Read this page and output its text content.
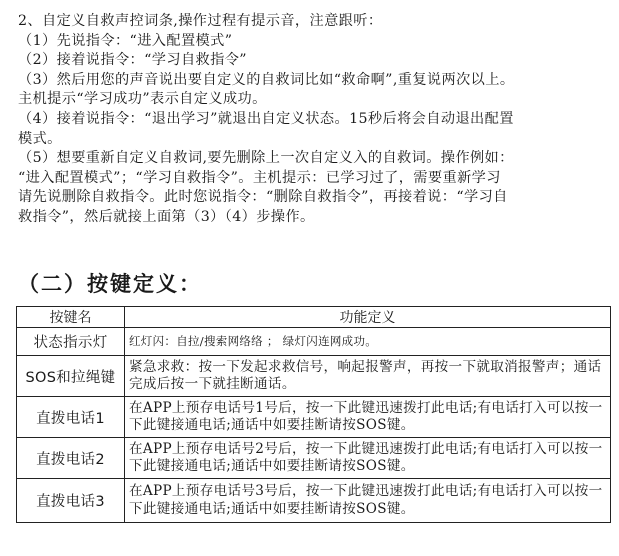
2、自定义自救声控词条,操作过程有提示音，注意跟听：

（1）先说指令：“进入配置模式”

（2）接着说指令：“学习自救指令”

（3）然后用您的声音说出要自定义的自救词比如“救命啊”,重复说两次以上。

主机提示“学习成功”表示自定义成功。

（4）接着说指令：“退出学习”就退出自定义状态。15秒后将会自动退出配置

模式。

（5）想要重新自定义自救词,要先删除上一次自定义入的自救词。操作例如：

“进入配置模式”；“学习自救指令”。主机提示：已学习过了，需要重新学习

请先说删除自救指令。此时您说指令：“删除自救指令”，再接着说：“学习自

救指令”，然后就接上面第（3）（4）步操作。

（二）按键定义：
按键名	功能定义
状态指示灯	红灯闪：自拉/搜索网络络 ； 绿灯闪连网成功。
SOS和拉绳键	紧急求救：按一下发起求救信号，响起报警声，再按一下就取消报警声；通话完成后按一下就挂断通话。
直拨电话1	在APP上预存电话号1号后，按一下此键迅速拨打此电话;有电话打入可以按一下此键接通电话;通话中如要挂断请按SOS键。
直拨电话2	在APP上预存电话号2号后，按一下此键迅速拨打此电话;有电话打入可以按一下此键接通电话;通话中如要挂断请按SOS键。
直拨电话3	在APP上预存电话号3号后，按一下此键迅速拨打此电话;有电话打入可以按一下此键接通电话;通话中如要挂断请按SOS键。
